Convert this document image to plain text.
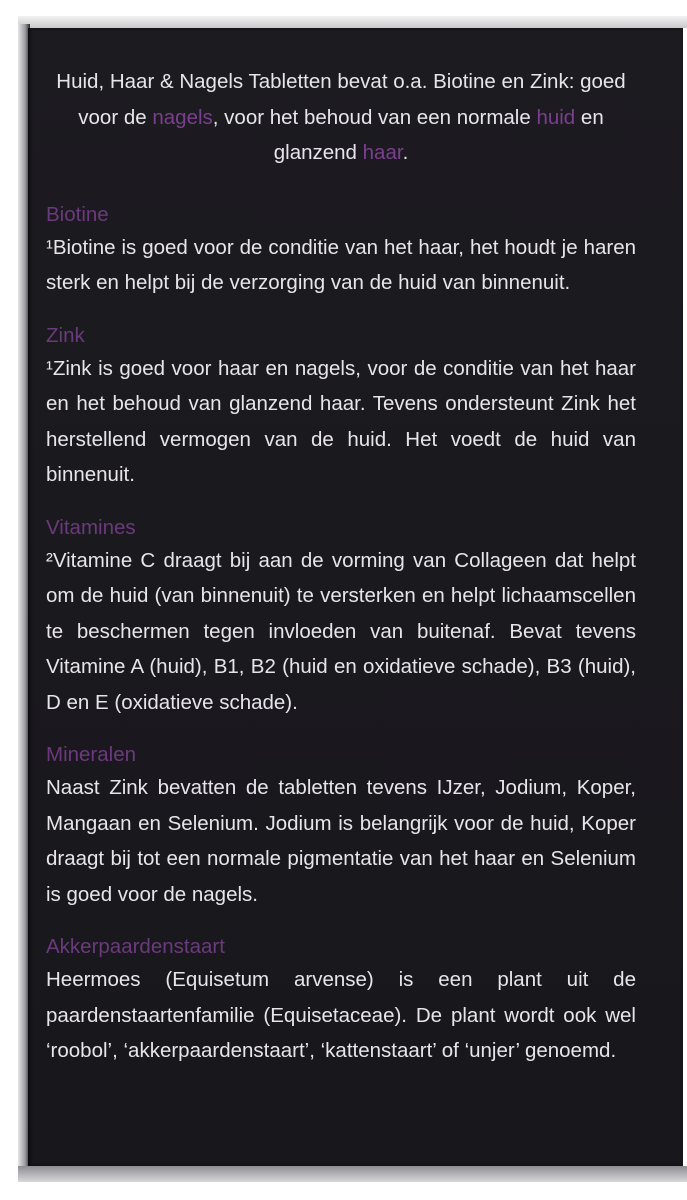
Huid, Haar & Nagels Tabletten bevat o.a. Biotine en Zink: goed voor de nagels, voor het behoud van een normale huid en glanzend haar.

Biotine

¹Biotine is goed voor de conditie van het haar, het houdt je haren sterk en helpt bij de verzorging van de huid van binnenuit.

Zink

¹Zink is goed voor haar en nagels, voor de conditie van het haar en het behoud van glanzend haar. Tevens ondersteunt Zink het herstellend vermogen van de huid. Het voedt de huid van binnenuit.

Vitamines

²Vitamine C draagt bij aan de vorming van Collageen dat helpt om de huid (van binnenuit) te versterken en helpt lichaamscellen te beschermen tegen invloeden van buitenaf. Bevat tevens Vitamine A (huid), B1, B2 (huid en oxidatieve schade), B3 (huid), D en E (oxidatieve schade).

Mineralen

Naast Zink bevatten de tabletten tevens IJzer, Jodium, Koper, Mangaan en Selenium. Jodium is belangrijk voor de huid, Koper draagt bij tot een normale pigmentatie van het haar en Selenium is goed voor de nagels.

Akkerpaardenstaart

Heermoes (Equisetum arvense) is een plant uit de paardenstaartenfamilie (Equisetaceae). De plant wordt ook wel ‘roobol’, ‘akkerpaardenstaart’, ‘kattenstaart’ of ‘unjer’ genoemd.
